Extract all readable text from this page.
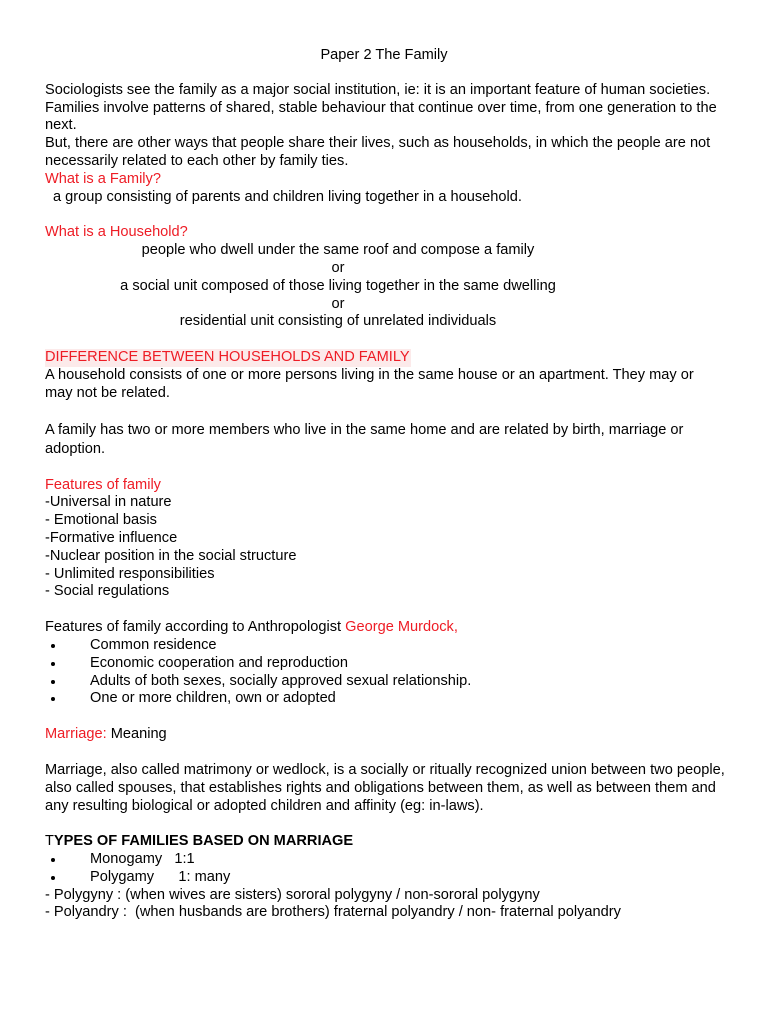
Paper 2 The Family

Sociologists see the family as a major social institution, ie: it is an important feature of human societies.

Families involve patterns of shared, stable behaviour that continue over time, from one generation to the next.

But, there are other ways that people share their lives, such as households, in which the people are not necessarily related to each other by family ties.

What is a Family?

a group consisting of parents and children living together in a household.

What is a Household?

people who dwell under the same roof and compose a family

or

a social unit composed of those living together in the same dwelling

or

residential unit consisting of unrelated individuals

DIFFERENCE BETWEEN HOUSEHOLDS AND FAMILY

A household consists of one or more persons living in the same house or an apartment. They may or may not be related.

A family has two or more members who live in the same home and are related by birth, marriage or adoption.

Features of family

-Universal in nature

- Emotional basis

-Formative influence

-Nuclear position in the social structure

- Unlimited responsibilities

- Social regulations

Features of family according to Anthropologist George Murdock,

Common residence
Economic cooperation and reproduction
Adults of both sexes, socially approved sexual relationship.
One or more children, own or adopted

Marriage: Meaning

Marriage, also called matrimony or wedlock, is a socially or ritually recognized union between two people, also called spouses, that establishes rights and obligations between them, as well as between them and any resulting biological or adopted children and affinity (eg: in-laws).

TYPES OF FAMILIES BASED ON MARRIAGE

Monogamy   1:1
Polygamy      1: many

- Polygyny : (when wives are sisters) sororal polygyny / non-sororal polygyny

- Polyandry :  (when husbands are brothers) fraternal polyandry / non- fraternal polyandry
